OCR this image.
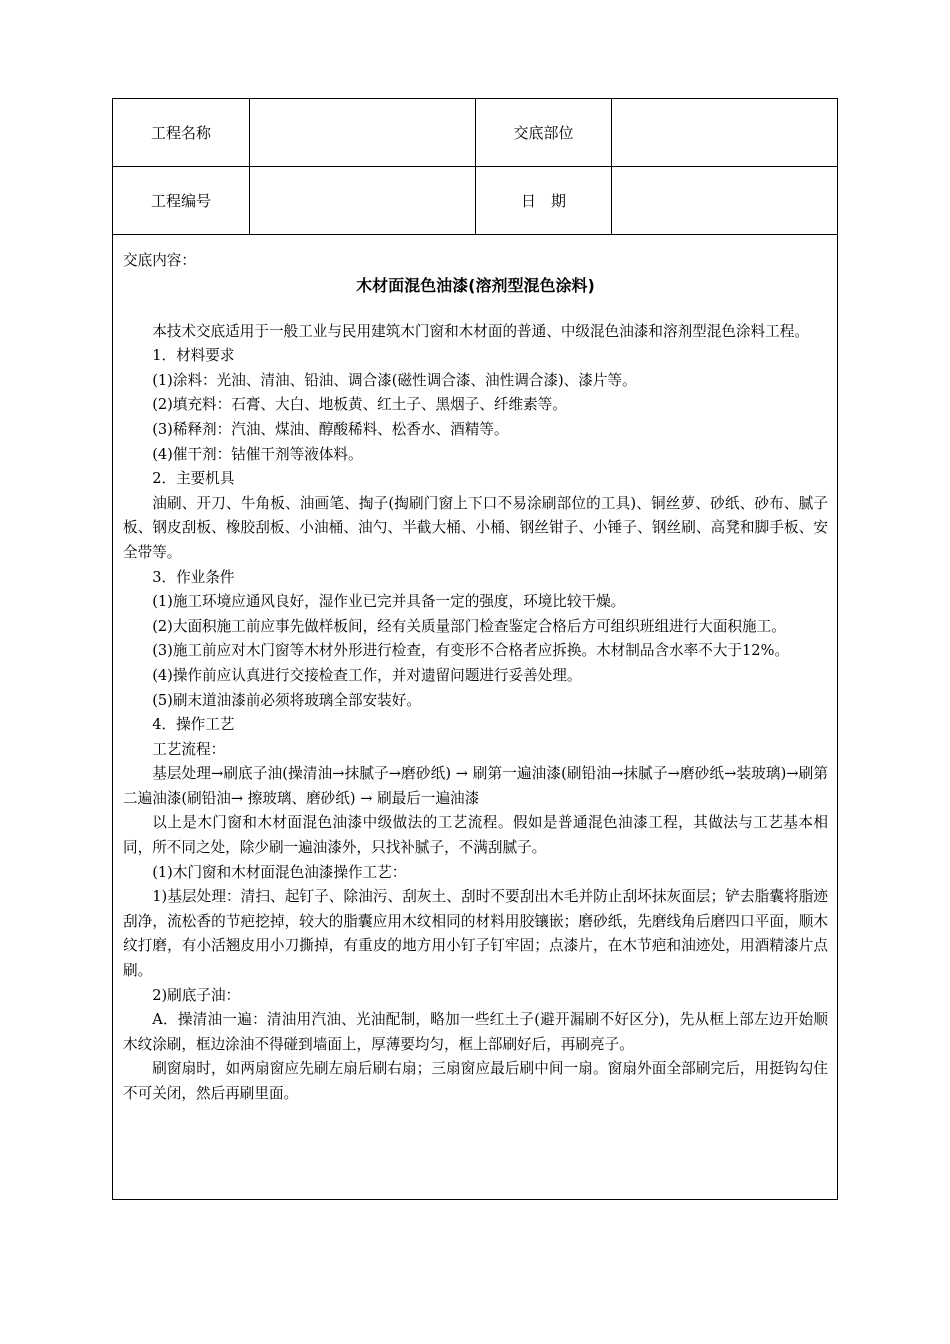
工程名称	交底部位
工程编号	日　期

交底内容：

木材面混色油漆(溶剂型混色涂料)

本技术交底适用于一般工业与民用建筑木门窗和木材面的普通、中级混色油漆和溶剂型混色涂料工程。

1．材料要求

(1)涂料：光油、清油、铅油、调合漆(磁性调合漆、油性调合漆)、漆片等。

(2)填充料：石膏、大白、地板黄、红土子、黑烟子、纤维素等。

(3)稀释剂：汽油、煤油、醇酸稀料、松香水、酒精等。

(4)催干剂：钴催干剂等液体料。

2．主要机具

油刷、开刀、牛角板、油画笔、掏子(掏刷门窗上下口不易涂刷部位的工具)、铜丝萝、砂纸、砂布、腻子板、钢皮刮板、橡胶刮板、小油桶、油勺、半截大桶、小桶、钢丝钳子、小锤子、钢丝刷、高凳和脚手板、安全带等。

3．作业条件

(1)施工环境应通风良好，湿作业已完并具备一定的强度，环境比较干燥。

(2)大面积施工前应事先做样板间，经有关质量部门检查鉴定合格后方可组织班组进行大面积施工。

(3)施工前应对木门窗等木材外形进行检查，有变形不合格者应拆换。木材制品含水率不大于12%。

(4)操作前应认真进行交接检查工作，并对遗留问题进行妥善处理。

(5)刷末道油漆前必须将玻璃全部安装好。

4．操作工艺

工艺流程：

基层处理→刷底子油(操清油→抹腻子→磨砂纸) → 刷第一遍油漆(刷铅油→抹腻子→磨砂纸→装玻璃)→刷第二遍油漆(刷铅油→ 擦玻璃、磨砂纸) → 刷最后一遍油漆

以上是木门窗和木材面混色油漆中级做法的工艺流程。假如是普通混色油漆工程，其做法与工艺基本相同，所不同之处，除少刷一遍油漆外，只找补腻子，不满刮腻子。

(1)木门窗和木材面混色油漆操作工艺：

1)基层处理：清扫、起钉子、除油污、刮灰土、刮时不要刮出木毛并防止刮坏抹灰面层；铲去脂囊将脂迹刮净，流松香的节疤挖掉，较大的脂囊应用木纹相同的材料用胶镶嵌；磨砂纸，先磨线角后磨四口平面，顺木纹打磨，有小活翘皮用小刀撕掉，有重皮的地方用小钉子钉牢固；点漆片，在木节疤和油迹处，用酒精漆片点刷。

2)刷底子油：

A．操清油一遍：清油用汽油、光油配制，略加一些红土子(避开漏刷不好区分)，先从框上部左边开始顺木纹涂刷，框边涂油不得碰到墙面上，厚薄要均匀，框上部刷好后，再刷亮子。

刷窗扇时，如两扇窗应先刷左扇后刷右扇；三扇窗应最后刷中间一扇。窗扇外面全部刷完后，用挺钩勾住不可关闭，然后再刷里面。
